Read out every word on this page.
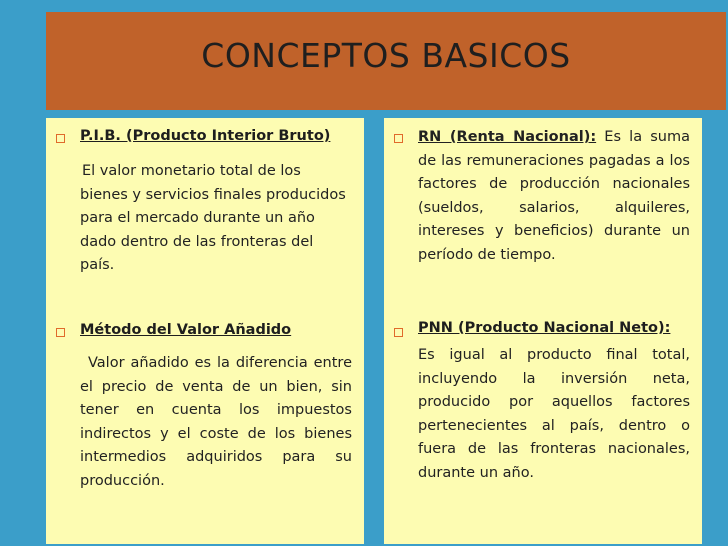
CONCEPTOS BASICOS
P.I.B. (Producto Interior Bruto)
El valor monetario total de los bienes y servicios finales producidos para el mercado durante un año dado dentro de las fronteras del país.
Método del Valor Añadido
Valor añadido es la diferencia entre el precio de venta de un bien, sin tener en cuenta los impuestos indirectos y el coste de los bienes intermedios adquiridos para su producción.
RN (Renta Nacional): Es la suma de las remuneraciones pagadas a los factores de producción nacionales (sueldos, salarios, alquileres, intereses y beneficios) durante un período de tiempo.
PNN (Producto Nacional Neto):
Es igual al producto final total, incluyendo la inversión neta, producido por aquellos factores pertenecientes al país, dentro o fuera de las fronteras nacionales, durante un año.
